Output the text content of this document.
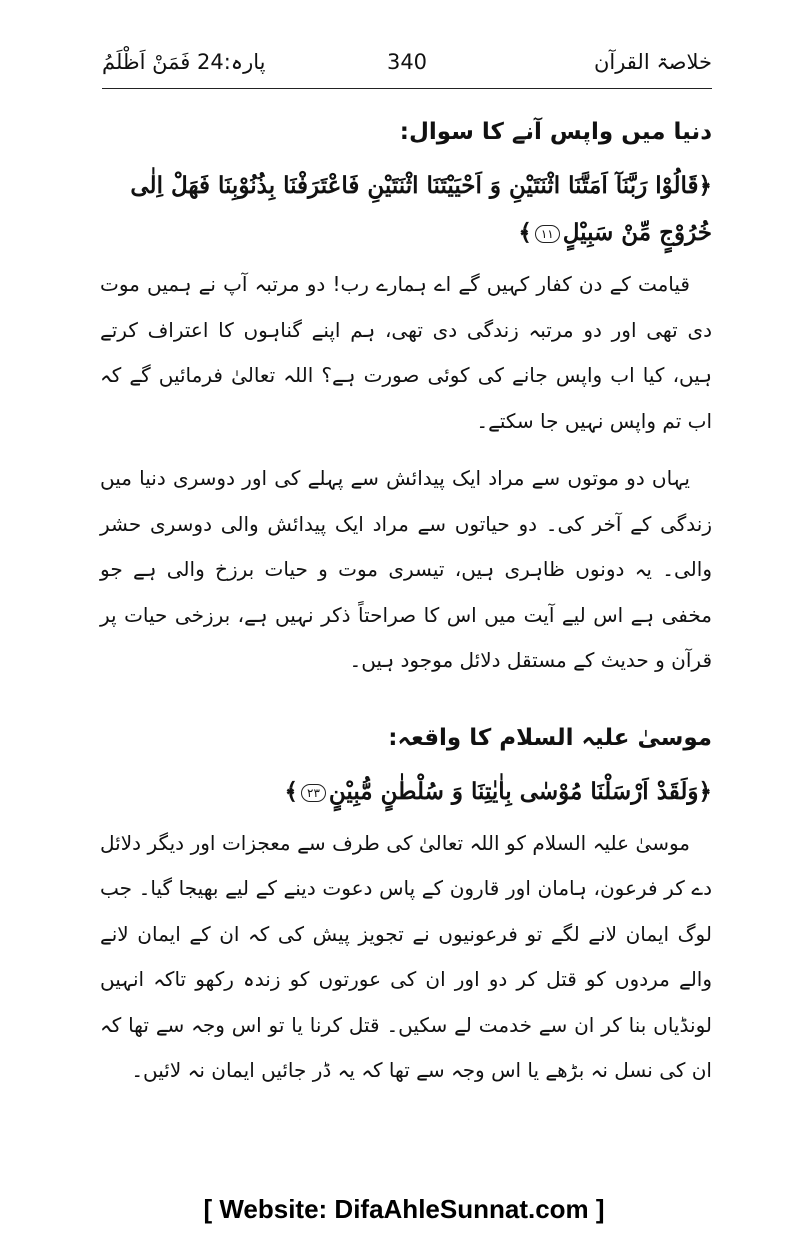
خلاصۃ القرآن
340
پارہ:24 فَمَنْ اَظْلَمُ
دنیا میں واپس آنے کا سوال:
﴿قَالُوْا رَبَّنَآ اَمَتَّنَا اثْنَتَيْنِ وَ اَحْيَيْتَنَا اثْنَتَيْنِ فَاعْتَرَفْنَا بِذُنُوْبِنَا فَهَلْ اِلٰى خُرُوْجٍ مِّنْ سَبِيْلٍ١١﴾

قیامت کے دن کفار کہیں گے اے ہمارے رب! دو مرتبہ آپ نے ہمیں موت دی تھی اور دو مرتبہ زندگی دی تھی، ہم اپنے گناہوں کا اعتراف کرتے ہیں، کیا اب واپس جانے کی کوئی صورت ہے؟ اللہ تعالیٰ فرمائیں گے کہ اب تم واپس نہیں جا سکتے۔

یہاں دو موتوں سے مراد ایک پیدائش سے پہلے کی اور دوسری دنیا میں زندگی کے آخر کی۔ دو حیاتوں سے مراد ایک پیدائش والی دوسری حشر والی۔ یہ دونوں ظاہری ہیں، تیسری موت و حیات برزخ والی ہے جو مخفی ہے اس لیے آیت میں اس کا صراحتاً ذکر نہیں ہے، برزخی حیات پر قرآن و حدیث کے مستقل دلائل موجود ہیں۔

موسیٰ علیہ السلام کا واقعہ:
﴿وَلَقَدْ اَرْسَلْنَا مُوْسٰى بِاٰيٰتِنَا وَ سُلْطٰنٍ مُّبِيْنٍ٢٣﴾

موسیٰ علیہ السلام کو اللہ تعالیٰ کی طرف سے معجزات اور دیگر دلائل دے کر فرعون، ہامان اور قارون کے پاس دعوت دینے کے لیے بھیجا گیا۔ جب لوگ ایمان لانے لگے تو فرعونیوں نے تجویز پیش کی کہ ان کے ایمان لانے والے مردوں کو قتل کر دو اور ان کی عورتوں کو زندہ رکھو تاکہ انہیں لونڈیاں بنا کر ان سے خدمت لے سکیں۔ قتل کرنا یا تو اس وجہ سے تھا کہ ان کی نسل نہ بڑھے یا اس وجہ سے تھا کہ یہ ڈر جائیں ایمان نہ لائیں۔

[ Website: DifaAhleSunnat.com ]
